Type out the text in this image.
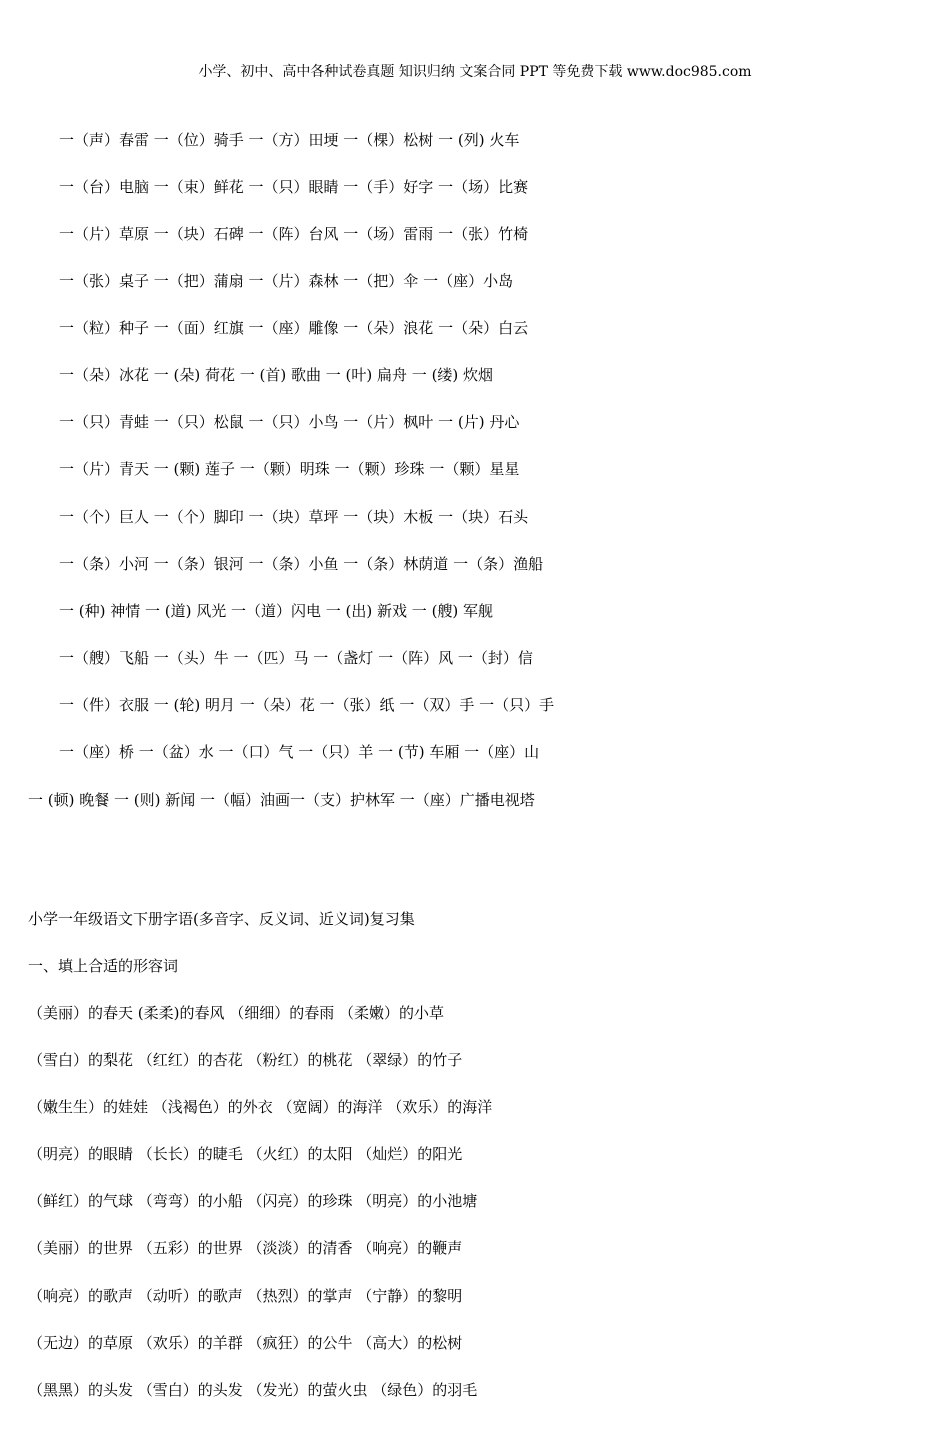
小学、初中、高中各种试卷真题 知识归纳 文案合同 PPT 等免费下载 www.doc985.com
一（声）春雷 一（位）骑手 一（方）田埂 一（棵）松树 一 (列) 火车
一（台）电脑 一（束）鲜花 一（只）眼睛 一（手）好字 一（场）比赛
一（片）草原 一（块）石碑 一（阵）台风 一（场）雷雨 一（张）竹椅
一（张）桌子 一（把）蒲扇 一（片）森林 一（把）伞 一（座）小岛
一（粒）种子 一（面）红旗 一（座）雕像 一（朵）浪花 一（朵）白云
一（朵）冰花 一 (朵) 荷花 一 (首) 歌曲 一 (叶) 扁舟 一 (缕) 炊烟
一（只）青蛙 一（只）松鼠 一（只）小鸟 一（片）枫叶 一 (片) 丹心
一（片）青天 一 (颗) 莲子 一（颗）明珠 一（颗）珍珠 一（颗）星星
一（个）巨人 一（个）脚印 一（块）草坪 一（块）木板 一（块）石头
一（条）小河 一（条）银河 一（条）小鱼 一（条）林荫道 一（条）渔船
一 (种) 神情 一 (道) 风光 一（道）闪电 一 (出) 新戏 一 (艘) 军舰
一（艘）飞船 一（头）牛 一（匹）马 一（盏灯 一（阵）风 一（封）信
一（件）衣服 一 (轮) 明月 一（朵）花 一（张）纸 一（双）手 一（只）手
一（座）桥 一（盆）水 一（口）气 一（只）羊 一 (节) 车厢 一（座）山
一 (顿) 晚餐 一 (则) 新闻 一（幅）油画一（支）护林军 一（座）广播电视塔
小学一年级语文下册字语(多音字、反义词、近义词)复习集
一、填上合适的形容词
（美丽）的春天 (柔柔)的春风 （细细）的春雨 （柔嫩）的小草
（雪白）的梨花 （红红）的杏花 （粉红）的桃花 （翠绿）的竹子
（嫩生生）的娃娃 （浅褐色）的外衣 （宽阔）的海洋 （欢乐）的海洋
（明亮）的眼睛 （长长）的睫毛 （火红）的太阳 （灿烂）的阳光
（鲜红）的气球 （弯弯）的小船 （闪亮）的珍珠 （明亮）的小池塘
（美丽）的世界 （五彩）的世界 （淡淡）的清香 （响亮）的鞭声
（响亮）的歌声 （动听）的歌声 （热烈）的掌声 （宁静）的黎明
（无边）的草原 （欢乐）的羊群 （疯狂）的公牛 （高大）的松树
（黑黑）的头发 （雪白）的头发 （发光）的萤火虫 （绿色）的羽毛
